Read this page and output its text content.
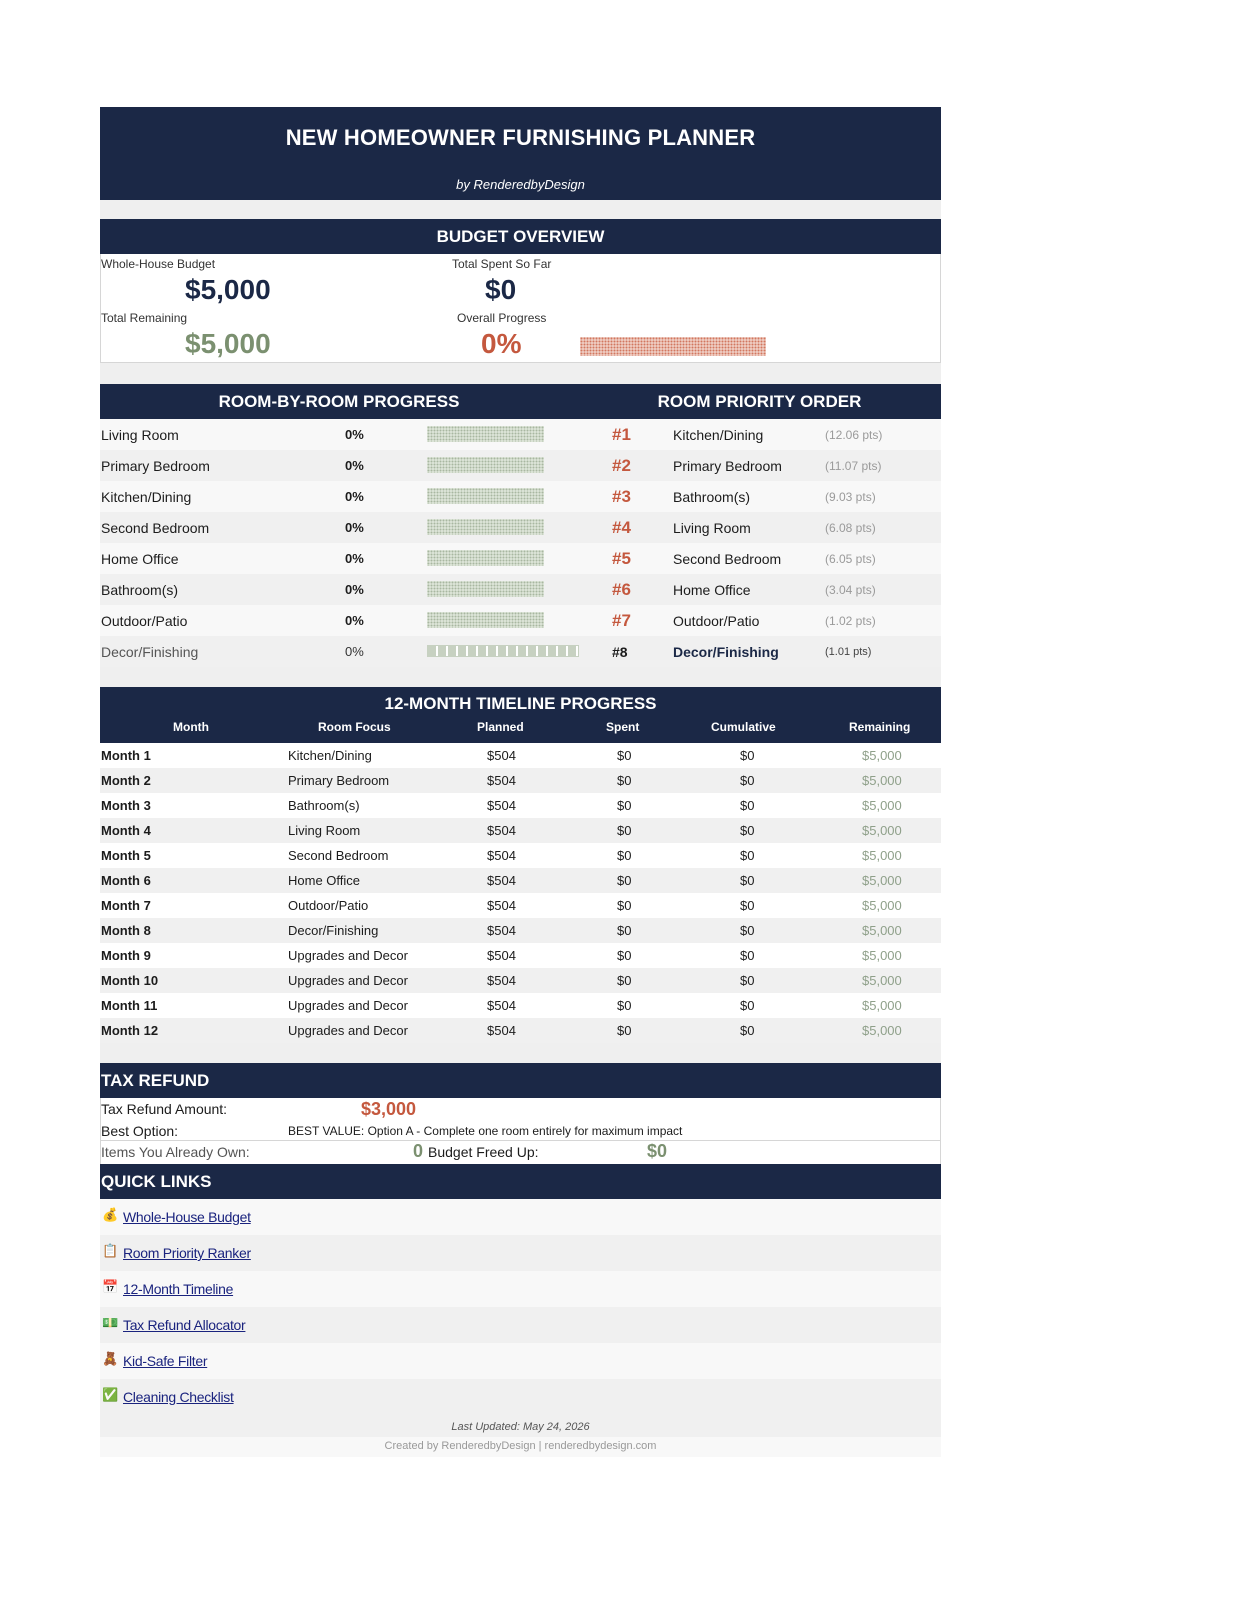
NEW HOMEOWNER FURNISHING PLANNER
by RenderedbyDesign
BUDGET OVERVIEW
Whole-House Budget
$5,000
Total Spent So Far
$0
Total Remaining
$5,000
Overall Progress
0%
ROOM-BY-ROOM PROGRESS	ROOM PRIORITY ORDER
Living Room	0%	#1	Kitchen/Dining	(12.06 pts)
Primary Bedroom	0%	#2	Primary Bedroom	(11.07 pts)
Kitchen/Dining	0%	#3	Bathroom(s)	(9.03 pts)
Second Bedroom	0%	#4	Living Room	(6.08 pts)
Home Office	0%	#5	Second Bedroom	(6.05 pts)
Bathroom(s)	0%	#6	Home Office	(3.04 pts)
Outdoor/Patio	0%	#7	Outdoor/Patio	(1.02 pts)
Decor/Finishing	0%	#8	Decor/Finishing	(1.01 pts)
12-MONTH TIMELINE PROGRESS
Month	Room Focus	Planned	Spent	Cumulative	Remaining
Month 1	Kitchen/Dining	$504	$0	$0	$5,000
Month 2	Primary Bedroom	$504	$0	$0	$5,000
Month 3	Bathroom(s)	$504	$0	$0	$5,000
Month 4	Living Room	$504	$0	$0	$5,000
Month 5	Second Bedroom	$504	$0	$0	$5,000
Month 6	Home Office	$504	$0	$0	$5,000
Month 7	Outdoor/Patio	$504	$0	$0	$5,000
Month 8	Decor/Finishing	$504	$0	$0	$5,000
Month 9	Upgrades and Decor	$504	$0	$0	$5,000
Month 10	Upgrades and Decor	$504	$0	$0	$5,000
Month 11	Upgrades and Decor	$504	$0	$0	$5,000
Month 12	Upgrades and Decor	$504	$0	$0	$5,000
TAX REFUND
Tax Refund Amount:	$3,000
Best Option:	BEST VALUE: Option A - Complete one room entirely for maximum impact
Items You Already Own:	0 Budget Freed Up:	$0
QUICK LINKS
💰 Whole-House Budget
📋 Room Priority Ranker
📅 12-Month Timeline
💵 Tax Refund Allocator
🧸 Kid-Safe Filter
✅ Cleaning Checklist
Last Updated: May 24, 2026
Created by RenderedbyDesign | renderedbydesign.com
